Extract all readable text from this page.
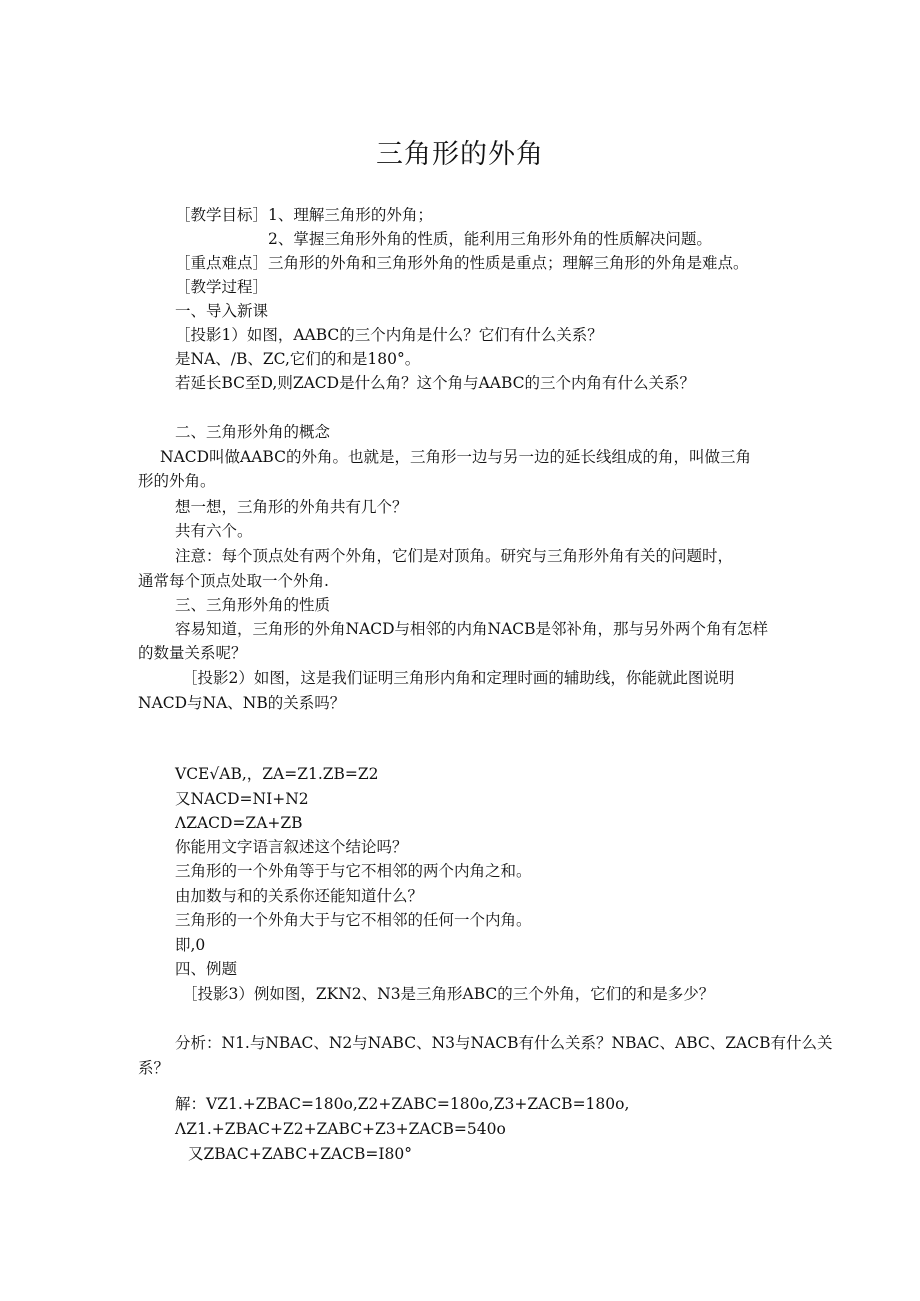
三角形的外角
［教学目标］1、理解三角形的外角；
2、掌握三角形外角的性质，能利用三角形外角的性质解决问题。
［重点难点］三角形的外角和三角形外角的性质是重点；理解三角形的外角是难点。
［教学过程］
一、导入新课
［投影1）如图，AABC的三个内角是什么？它们有什么关系？
是NA、/B、ZC,它们的和是180°。
若延长BC至D,则ZACD是什么角？这个角与AABC的三个内角有什么关系？
二、三角形外角的概念
NACD叫做AABC的外角。也就是，三角形一边与另一边的延长线组成的角，叫做三角
形的外角。
想一想，三角形的外角共有几个？
共有六个。
注意：每个顶点处有两个外角，它们是对顶角。研究与三角形外角有关的问题时，
通常每个顶点处取一个外角.
三、三角形外角的性质
容易知道，三角形的外角NACD与相邻的内角NACB是邻补角，那与另外两个角有怎样
的数量关系呢？
［投影2）如图，这是我们证明三角形内角和定理时画的辅助线，你能就此图说明
NACD与NA、NB的关系吗？
VCE√AB,，ZA=Z1.ZB=Z2
又NACD=NI+N2
ΛZACD=ZA+ZB
你能用文字语言叙述这个结论吗？
三角形的一个外角等于与它不相邻的两个内角之和。
由加数与和的关系你还能知道什么？
三角形的一个外角大于与它不相邻的任何一个内角。
即,0
四、例题
［投影3）例如图，ZKN2、N3是三角形ABC的三个外角，它们的和是多少？
分析：N1.与NBAC、N2与NABC、N3与NACB有什么关系？NBAC、ABC、ZACB有什么关
系？
解：VZ1.+ZBAC=180o,Z2+ZABC=180o,Z3+ZACB=180o,
ΛZ1.+ZBAC+Z2+ZABC+Z3+ZACB=540o
又ZBAC+ZABC+ZACB=I80°
